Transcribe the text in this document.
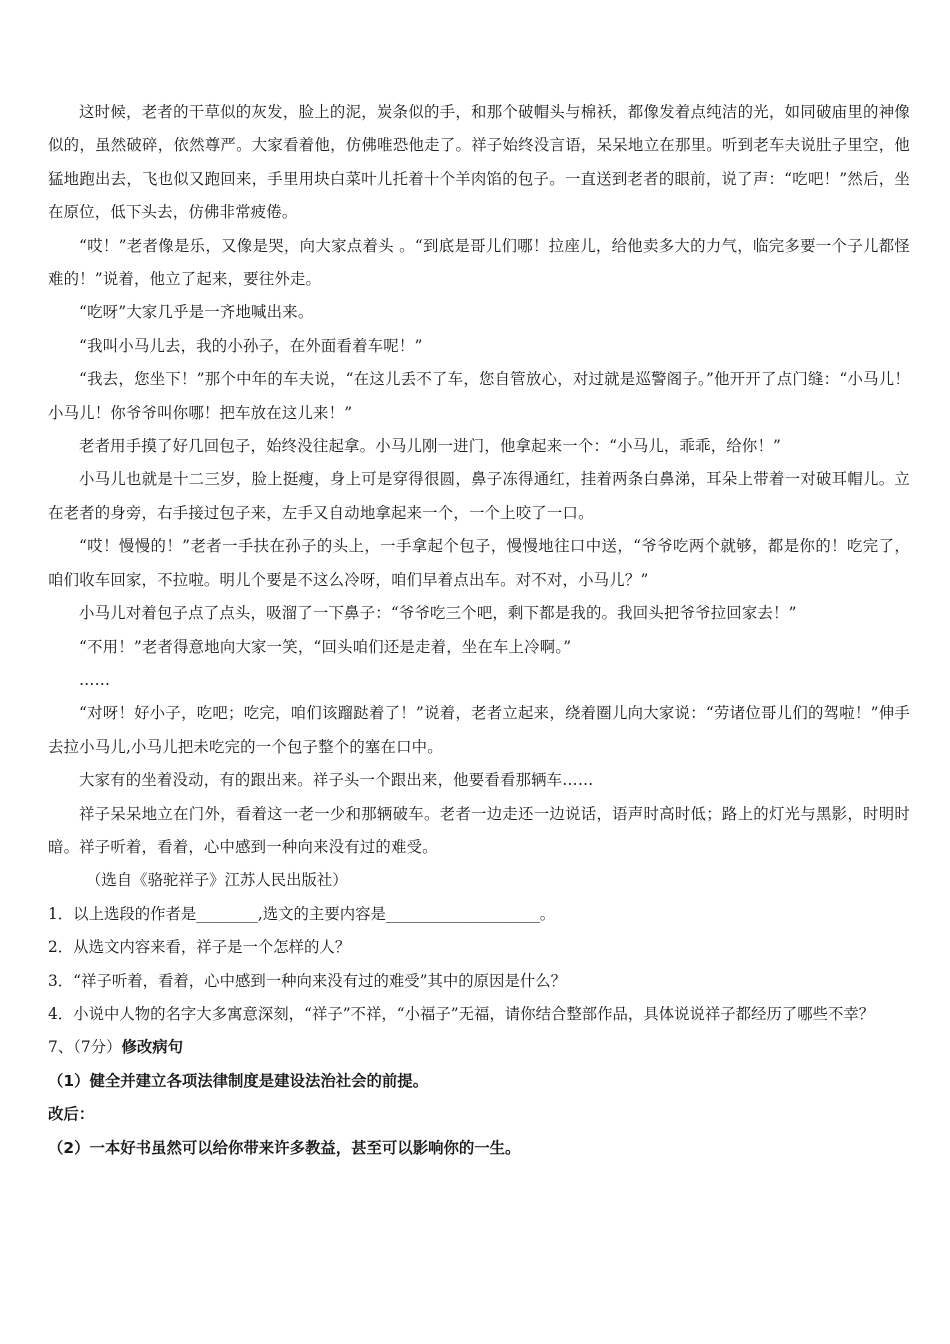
这时候，老者的干草似的灰发，脸上的泥，炭条似的手，和那个破帽头与棉袄，都像发着点纯洁的光，如同破庙里的神像似的，虽然破碎，依然尊严。大家看着他，仿佛唯恐他走了。祥子始终没言语，呆呆地立在那里。听到老车夫说肚子里空，他猛地跑出去，飞也似又跑回来，手里用块白菜叶儿托着十个羊肉馅的包子。一直送到老者的眼前，说了声：“吃吧！”然后，坐在原位，低下头去，仿佛非常疲倦。

“哎！”老者像是乐，又像是哭，向大家点着头 。“到底是哥儿们哪！拉座儿，给他卖多大的力气，临完多要一个子儿都怪难的！”说着，他立了起来，要往外走。

“吃呀”大家几乎是一齐地喊出来。

“我叫小马儿去，我的小孙子，在外面看着车呢！”

“我去，您坐下！”那个中年的车夫说，“在这儿丢不了车，您自管放心，对过就是巡警阁子。”他开开了点门缝：“小马儿！小马儿！你爷爷叫你哪！把车放在这儿来！”

老者用手摸了好几回包子，始终没往起拿。小马儿刚一进门，他拿起来一个：“小马儿，乖乖，给你！”

小马儿也就是十二三岁，脸上挺瘦，身上可是穿得很圆，鼻子冻得通红，挂着两条白鼻涕，耳朵上带着一对破耳帽儿。立在老者的身旁，右手接过包子来，左手又自动地拿起来一个，一个上咬了一口。

“哎！慢慢的！”老者一手扶在孙子的头上，一手拿起个包子，慢慢地往口中送，“爷爷吃两个就够，都是你的！吃完了，咱们收车回家，不拉啦。明儿个要是不这么冷呀，咱们早着点出车。对不对，小马儿？”

小马儿对着包子点了点头，吸溜了一下鼻子：“爷爷吃三个吧，剩下都是我的。我回头把爷爷拉回家去！”

“不用！”老者得意地向大家一笑，“回头咱们还是走着，坐在车上冷啊。”

……

“对呀！好小子，吃吧；吃完，咱们该蹓跶着了！”说着，老者立起来，绕着圈儿向大家说：“劳诸位哥儿们的驾啦！”伸手去拉小马儿,小马儿把未吃完的一个包子整个的塞在口中。

大家有的坐着没动，有的跟出来。祥子头一个跟出来，他要看看那辆车……

祥子呆呆地立在门外，看着这一老一少和那辆破车。老者一边走还一边说话，语声时高时低；路上的灯光与黑影，时明时暗。祥子听着，看着，心中感到一种向来没有过的难受。

（选自《骆驼祥子》江苏人民出版社）

1．以上选段的作者是________,选文的主要内容是____________________。

2．从选文内容来看，祥子是一个怎样的人？

3．“祥子听着，看着，心中感到一种向来没有过的难受”其中的原因是什么？

4．小说中人物的名字大多寓意深刻，“祥子”不祥，“小福子”无福，请你结合整部作品，具体说说祥子都经历了哪些不幸？

7、（7分）修改病句

（1）健全并建立各项法律制度是建设法治社会的前提。

改后：

（2）一本好书虽然可以给你带来许多教益，甚至可以影响你的一生。
